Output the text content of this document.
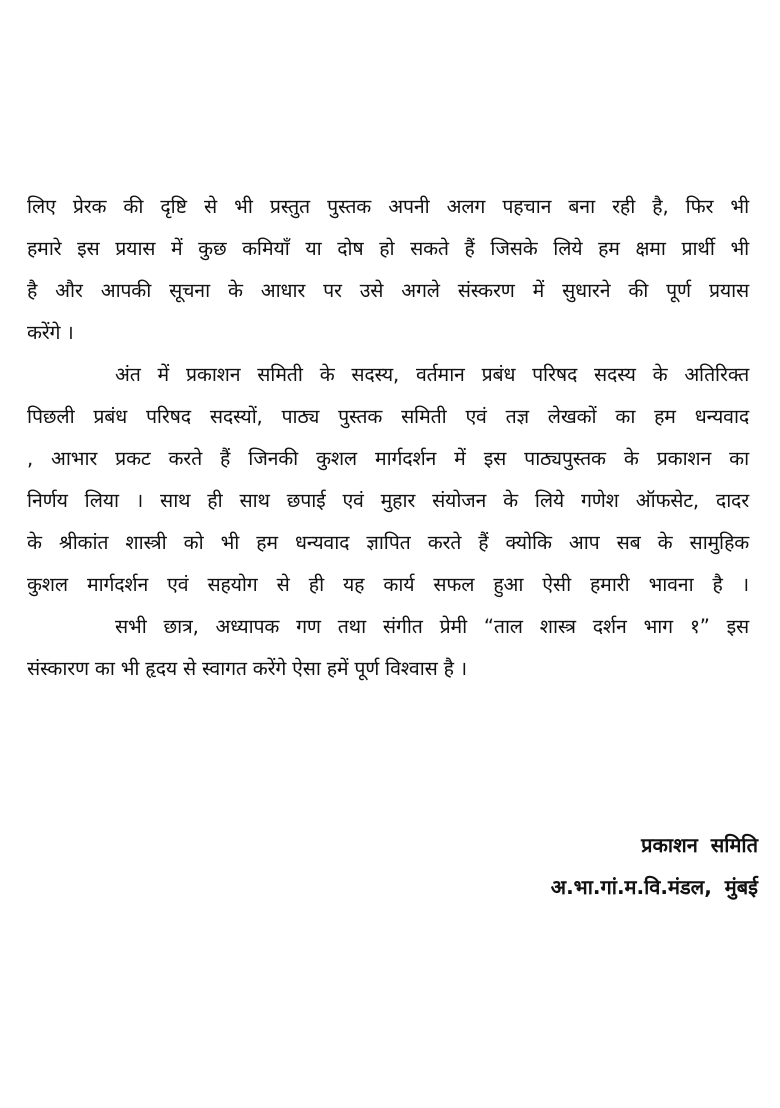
लिए प्रेरक की दृष्टि से भी प्रस्तुत पुस्तक अपनी अलग पहचान बना रही है, फिर भी
हमारे इस प्रयास में कुछ कमियाँ या दोष हो सकते हैं जिसके लिये हम क्षमा प्रार्थी भी
है और आपकी सूचना के आधार पर उसे अगले संस्करण में सुधारने की पूर्ण प्रयास
करेंगे ।
अंत में प्रकाशन समिती के सदस्य, वर्तमान प्रबंध परिषद सदस्य के अतिरिक्त
पिछली प्रबंध परिषद सदस्यों, पाठ्य पुस्तक समिती एवं तज्ञ लेखकों का हम धन्यवाद
, आभार प्रकट करते हैं जिनकी कुशल मार्गदर्शन में इस पाठ्यपुस्तक के प्रकाशन का
निर्णय लिया । साथ ही साथ छपाई एवं मुहार संयोजन के लिये गणेश ऑफसेट, दादर
के श्रीकांत शास्त्री को भी हम धन्यवाद ज्ञापित करते हैं क्योकि आप सब के सामुहिक
कुशल मार्गदर्शन एवं सहयोग से ही यह कार्य सफल हुआ ऐसी हमारी भावना है ।
सभी छात्र, अध्यापक गण तथा संगीत प्रेमी “ताल शास्त्र दर्शन भाग १” इस
संस्कारण का भी हृदय से स्वागत करेंगे ऐसा हमें पूर्ण विश्वास है ।
प्रकाशन समिति
अ.भा.गां.म.वि.मंडल, मुंबई
